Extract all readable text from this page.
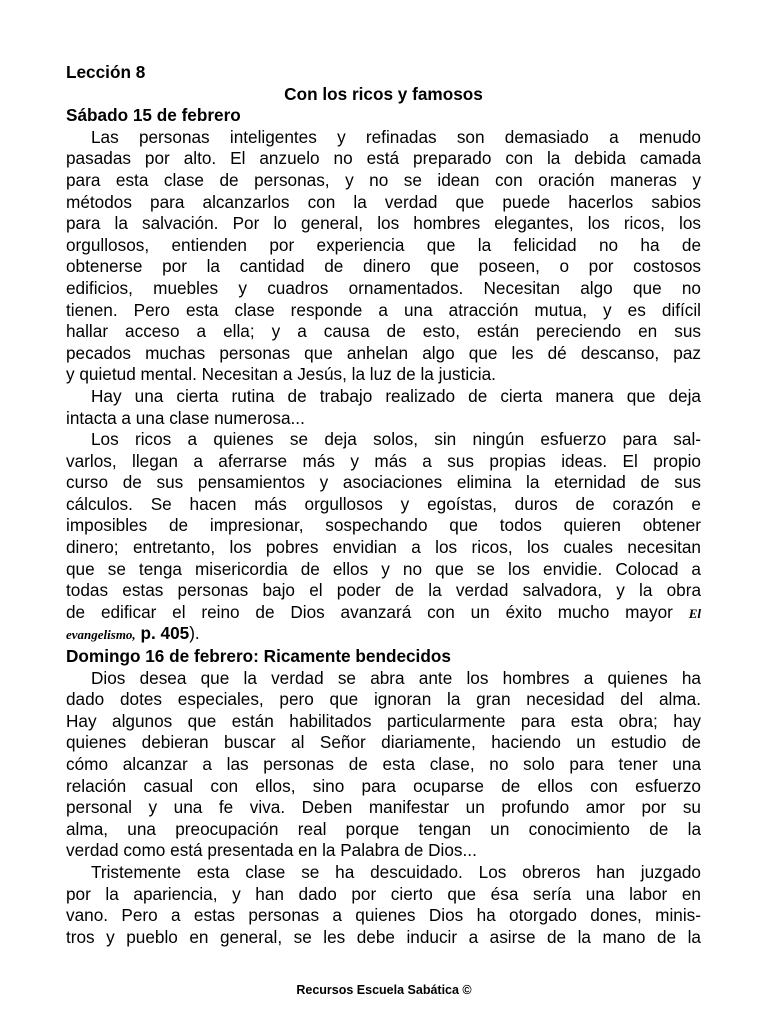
Lección 8
Con los ricos y famosos
Sábado 15 de febrero
Las personas inteligentes y refinadas son demasiado a menudo
pasadas por alto. El anzuelo no está preparado con la debida camada
para esta clase de personas, y no se idean con oración maneras y
métodos para alcanzarlos con la verdad que puede hacerlos sabios
para la salvación. Por lo general, los hombres elegantes, los ricos, los
orgullosos, entienden por experiencia que la felicidad no ha de
obtenerse por la cantidad de dinero que poseen, o por costosos
edificios, muebles y cuadros ornamentados. Necesitan algo que no
tienen. Pero esta clase responde a una atracción mutua, y es difícil
hallar acceso a ella; y a causa de esto, están pereciendo en sus
pecados muchas personas que anhelan algo que les dé descanso, paz
y quietud mental. Necesitan a Jesús, la luz de la justicia.
Hay una cierta rutina de trabajo realizado de cierta manera que deja
intacta a una clase numerosa...
Los ricos a quienes se deja solos, sin ningún esfuerzo para sal-
varlos, llegan a aferrarse más y más a sus propias ideas. El propio
curso de sus pensamientos y asociaciones elimina la eternidad de sus
cálculos. Se hacen más orgullosos y egoístas, duros de corazón e
imposibles de impresionar, sospechando que todos quieren obtener
dinero; entretanto, los pobres envidian a los ricos, los cuales necesitan
que se tenga misericordia de ellos y no que se los envidie. Colocad a
todas estas personas bajo el poder de la verdad salvadora, y la obra
de edificar el reino de Dios avanzará con un éxito mucho mayor El
evangelismo, p. 405).
Domingo 16 de febrero: Ricamente bendecidos
Dios desea que la verdad se abra ante los hombres a quienes ha
dado dotes especiales, pero que ignoran la gran necesidad del alma.
Hay algunos que están habilitados particularmente para esta obra; hay
quienes debieran buscar al Señor diariamente, haciendo un estudio de
cómo alcanzar a las personas de esta clase, no solo para tener una
relación casual con ellos, sino para ocuparse de ellos con esfuerzo
personal y una fe viva. Deben manifestar un profundo amor por su
alma, una preocupación real porque tengan un conocimiento de la
verdad como está presentada en la Palabra de Dios...
Tristemente esta clase se ha descuidado. Los obreros han juzgado
por la apariencia, y han dado por cierto que ésa sería una labor en
vano. Pero a estas personas a quienes Dios ha otorgado dones, minis-
tros y pueblo en general, se les debe inducir a asirse de la mano de la
Recursos Escuela Sabática ©
